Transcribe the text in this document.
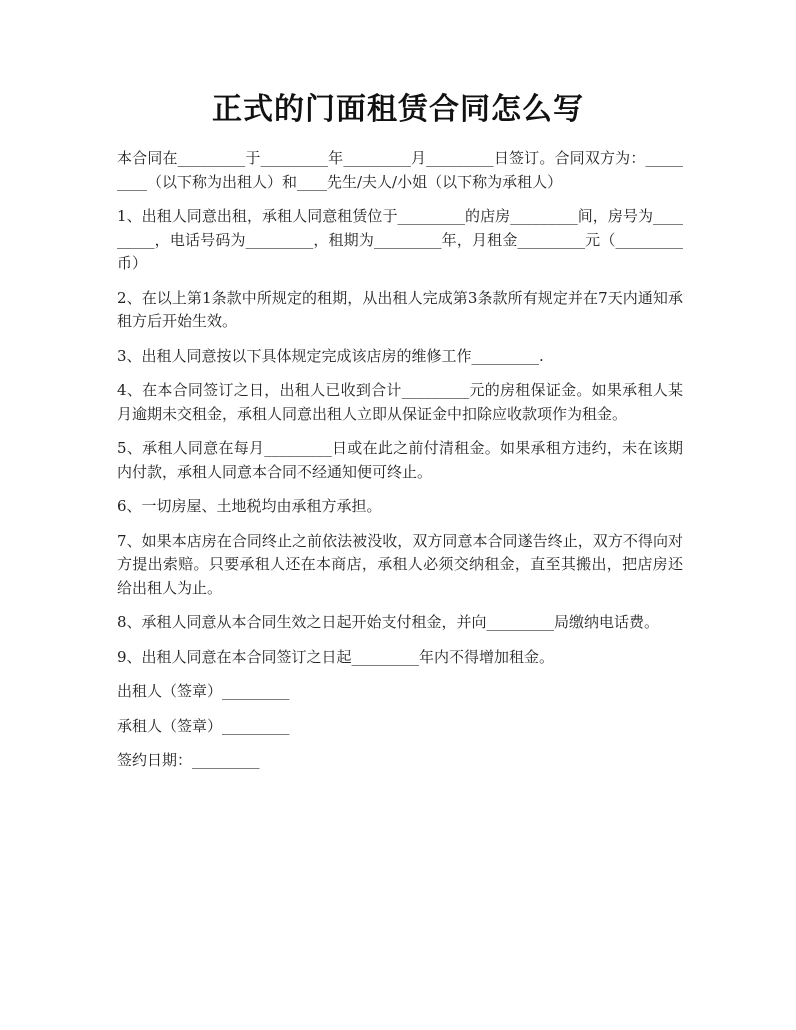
正式的门面租赁合同怎么写

本合同在_________于_________年_________月_________日签订。合同双方为：_________（以下称为出租人）和____先生/夫人/小姐（以下称为承租人）

1、出租人同意出租，承租人同意租赁位于_________的店房_________间，房号为_________，电话号码为_________，租期为_________年，月租金_________元（_________币）

2、在以上第1条款中所规定的租期，从出租人完成第3条款所有规定并在7天内通知承租方后开始生效。

3、出租人同意按以下具体规定完成该店房的维修工作_________.

4、在本合同签订之日，出租人已收到合计_________元的房租保证金。如果承租人某月逾期未交租金，承租人同意出租人立即从保证金中扣除应收款项作为租金。

5、承租人同意在每月_________日或在此之前付清租金。如果承租方违约，未在该期内付款，承租人同意本合同不经通知便可终止。

6、一切房屋、土地税均由承租方承担。

7、如果本店房在合同终止之前依法被没收，双方同意本合同遂告终止，双方不得向对方提出索赔。只要承租人还在本商店，承租人必须交纳租金，直至其搬出，把店房还给出租人为止。

8、承租人同意从本合同生效之日起开始支付租金，并向_________局缴纳电话费。

9、出租人同意在本合同签订之日起_________年内不得增加租金。

出租人（签章）_________

承租人（签章）_________

签约日期：_________
